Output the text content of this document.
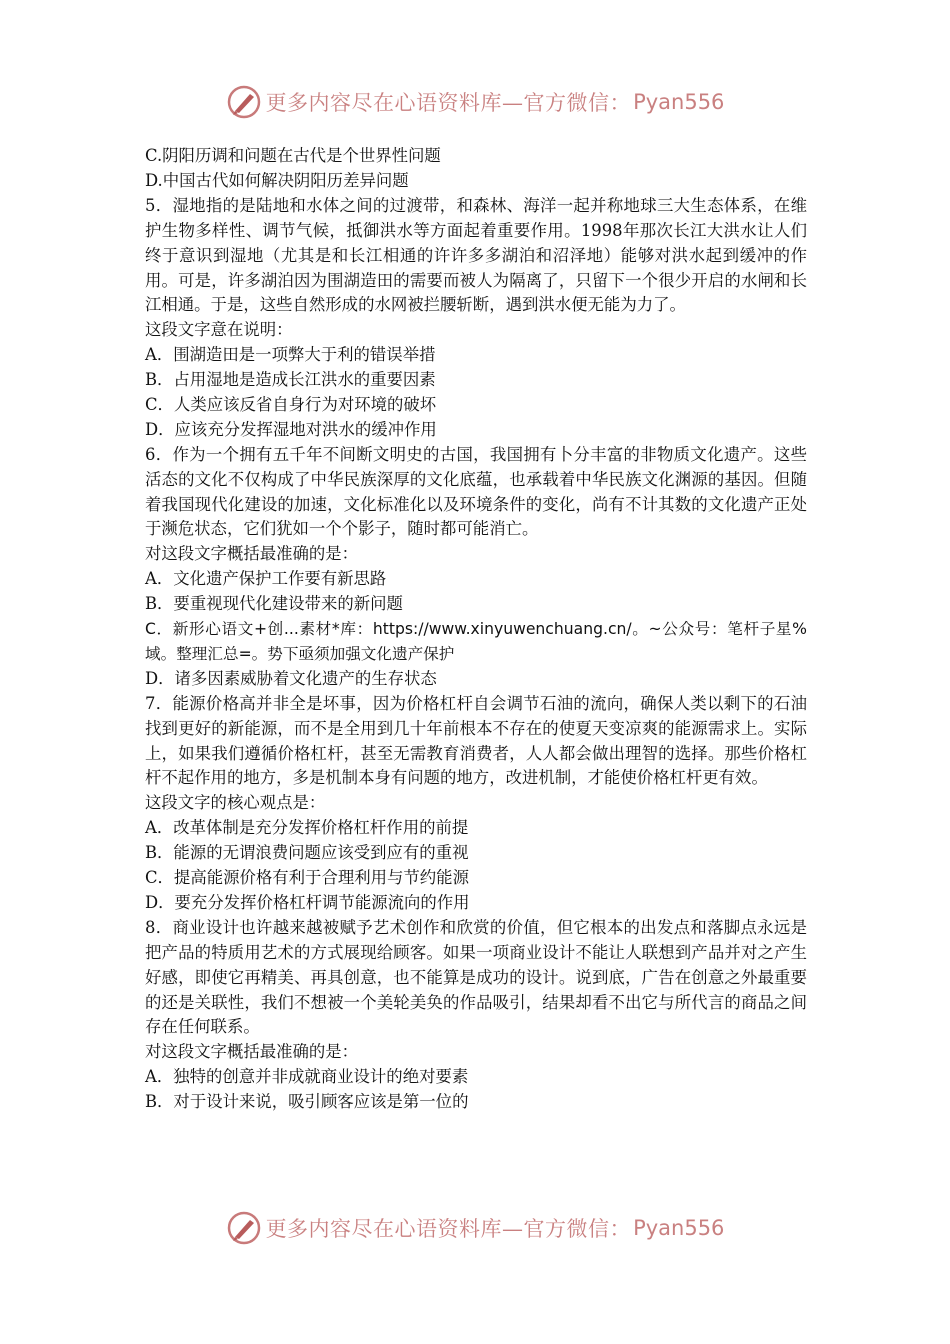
更多内容尽在心语资料库—官方微信： Pyan556
C.阴阳历调和问题在古代是个世界性问题
D.中国古代如何解决阴阳历差异问题
5．湿地指的是陆地和水体之间的过渡带，和森林、海洋一起并称地球三大生态体系，在维护生物多样性、调节气候，抵御洪水等方面起着重要作用。1998年那次长江大洪水让人们终于意识到湿地（尤其是和长江相通的许许多多湖泊和沼泽地）能够对洪水起到缓冲的作用。可是，许多湖泊因为围湖造田的需要而被人为隔离了，只留下一个很少开启的水闸和长江相通。于是，这些自然形成的水网被拦腰斩断，遇到洪水便无能为力了。
这段文字意在说明：
A．围湖造田是一项弊大于利的错误举措
B．占用湿地是造成长江洪水的重要因素
C．人类应该反省自身行为对环境的破坏
D．应该充分发挥湿地对洪水的缓冲作用
6．作为一个拥有五千年不间断文明史的古国，我国拥有卜分丰富的非物质文化遗产。这些活态的文化不仅构成了中华民族深厚的文化底蕴，也承载着中华民族文化渊源的基因。但随着我国现代化建设的加速，文化标准化以及环境条件的变化，尚有不计其数的文化遗产正处于濒危状态，它们犹如一个个影子，随时都可能消亡。
对这段文字概括最准确的是：
A．文化遗产保护工作要有新思路
B．要重视现代化建设带来的新问题
C．新形心语文+创...素材*库：https://www.xinyuwenchuang.cn/。~公众号：笔杆子星%域。整理汇总=。势下亟须加强文化遗产保护
D．诸多因素威胁着文化遗产的生存状态
7．能源价格高并非全是坏事，因为价格杠杆自会调节石油的流向，确保人类以剩下的石油找到更好的新能源，而不是全用到几十年前根本不存在的使夏天变凉爽的能源需求上。实际上，如果我们遵循价格杠杆，甚至无需教育消费者，人人都会做出理智的选择。那些价格杠杆不起作用的地方，多是机制本身有问题的地方，改进机制，才能使价格杠杆更有效。
这段文字的核心观点是：
A．改革体制是充分发挥价格杠杆作用的前提
B．能源的无谓浪费问题应该受到应有的重视
C．提高能源价格有利于合理利用与节约能源
D．要充分发挥价格杠杆调节能源流向的作用
8．商业设计也许越来越被赋予艺术创作和欣赏的价值，但它根本的出发点和落脚点永远是把产品的特质用艺术的方式展现给顾客。如果一项商业设计不能让人联想到产品并对之产生好感，即使它再精美、再具创意，也不能算是成功的设计。说到底，广告在创意之外最重要的还是关联性，我们不想被一个美轮美奂的作品吸引，结果却看不出它与所代言的商品之间存在任何联系。
对这段文字概括最准确的是：
A．独特的创意并非成就商业设计的绝对要素
B．对于设计来说，吸引顾客应该是第一位的
更多内容尽在心语资料库—官方微信： Pyan556
